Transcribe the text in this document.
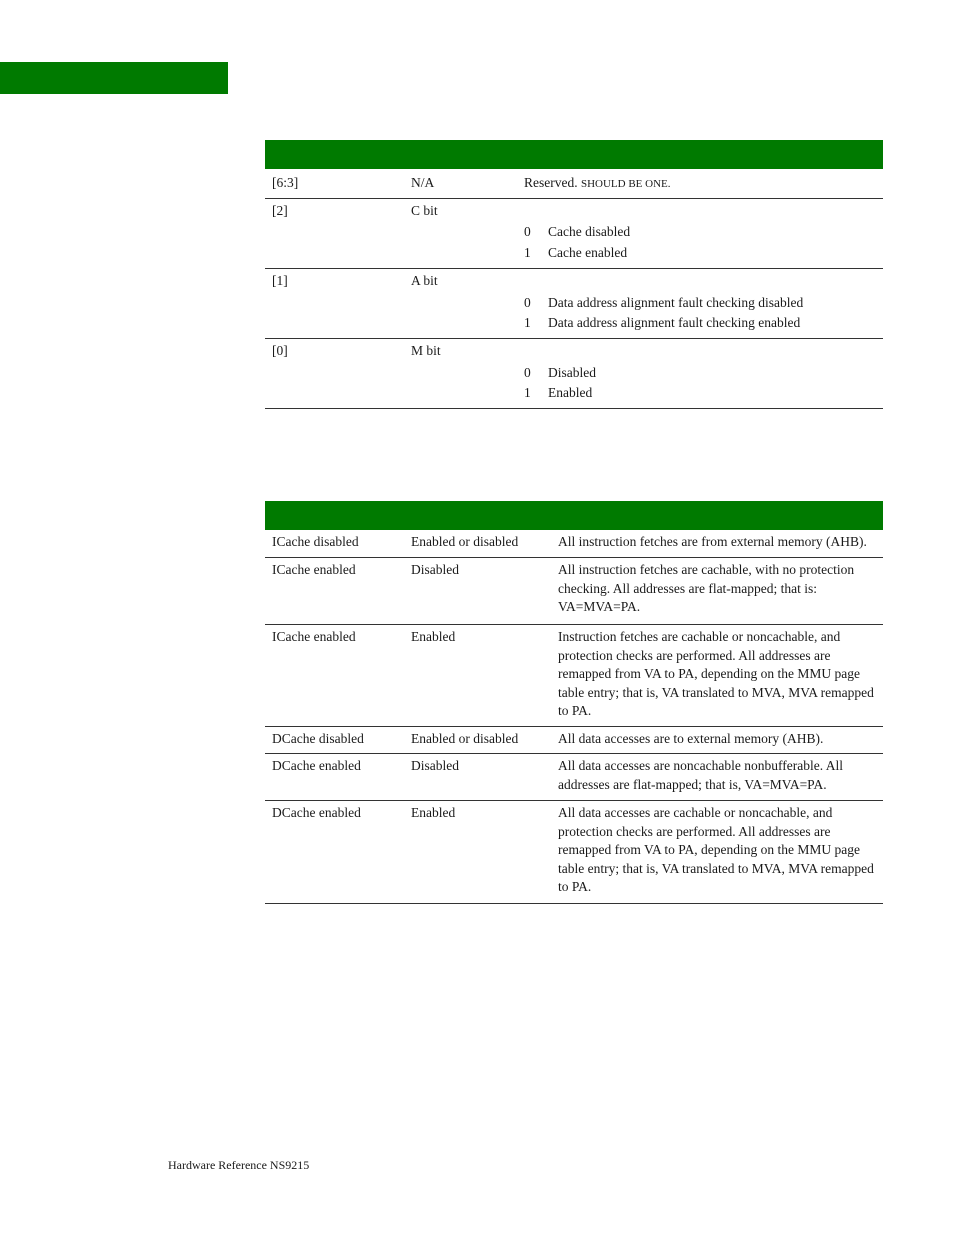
[6:3]	N/A	Reserved. SHOULD BE ONE.
[2]	C bit
0 Cache disabled
1 Cache enabled
[1]	A bit
0 Data address alignment fault checking disabled
1 Data address alignment fault checking enabled
[0]	M bit
0 Disabled
1 Enabled
ICache disabled	Enabled or disabled	All instruction fetches are from external memory (AHB).
ICache enabled	Disabled	All instruction fetches are cachable, with no protection checking. All addresses are flat-mapped; that is: VA=MVA=PA.
ICache enabled	Enabled	Instruction fetches are cachable or noncachable, and protection checks are performed. All addresses are remapped from VA to PA, depending on the MMU page table entry; that is, VA translated to MVA, MVA remapped to PA.
DCache disabled	Enabled or disabled	All data accesses are to external memory (AHB).
DCache enabled	Disabled	All data accesses are noncachable nonbufferable. All addresses are flat-mapped; that is, VA=MVA=PA.
DCache enabled	Enabled	All data accesses are cachable or noncachable, and protection checks are performed. All addresses are remapped from VA to PA, depending on the MMU page table entry; that is, VA translated to MVA, MVA remapped to PA.
Hardware Reference NS9215
